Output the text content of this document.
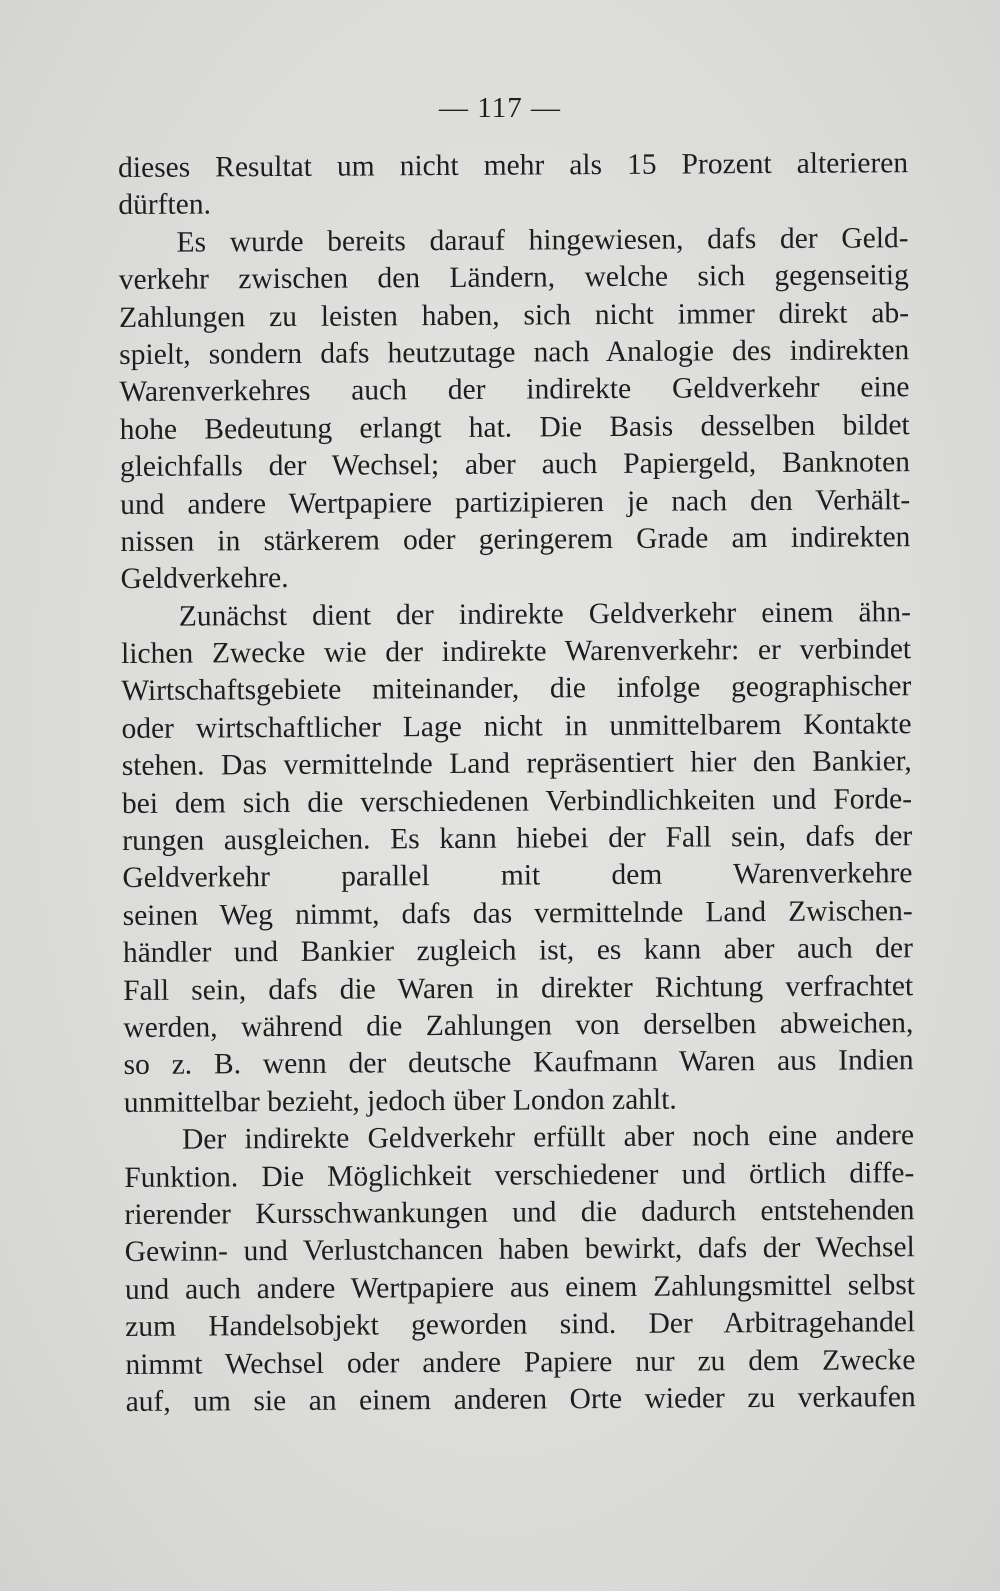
— 117 —
dieses Resultat um nicht mehr als 15 Prozent alterieren
dürften.
Es wurde bereits darauf hingewiesen, dafs der Geld-
verkehr zwischen den Ländern, welche sich gegenseitig
Zahlungen zu leisten haben, sich nicht immer direkt ab-
spielt, sondern dafs heutzutage nach Analogie des indirekten
Warenverkehres auch der indirekte Geldverkehr eine
hohe Bedeutung erlangt hat. Die Basis desselben bildet
gleichfalls der Wechsel; aber auch Papiergeld, Banknoten
und andere Wertpapiere partizipieren je nach den Verhält-
nissen in stärkerem oder geringerem Grade am indirekten
Geldverkehre.
Zunächst dient der indirekte Geldverkehr einem ähn-
lichen Zwecke wie der indirekte Warenverkehr: er verbindet
Wirtschaftsgebiete miteinander, die infolge geographischer
oder wirtschaftlicher Lage nicht in unmittelbarem Kontakte
stehen. Das vermittelnde Land repräsentiert hier den Bankier,
bei dem sich die verschiedenen Verbindlichkeiten und Forde-
rungen ausgleichen. Es kann hiebei der Fall sein, dafs der
Geldverkehr parallel mit dem Warenverkehre
seinen Weg nimmt, dafs das vermittelnde Land Zwischen-
händler und Bankier zugleich ist, es kann aber auch der
Fall sein, dafs die Waren in direkter Richtung verfrachtet
werden, während die Zahlungen von derselben abweichen,
so z. B. wenn der deutsche Kaufmann Waren aus Indien
unmittelbar bezieht, jedoch über London zahlt.
Der indirekte Geldverkehr erfüllt aber noch eine andere
Funktion. Die Möglichkeit verschiedener und örtlich diffe-
rierender Kursschwankungen und die dadurch entstehenden
Gewinn- und Verlustchancen haben bewirkt, dafs der Wechsel
und auch andere Wertpapiere aus einem Zahlungsmittel selbst
zum Handelsobjekt geworden sind. Der Arbitragehandel
nimmt Wechsel oder andere Papiere nur zu dem Zwecke
auf, um sie an einem anderen Orte wieder zu verkaufen
